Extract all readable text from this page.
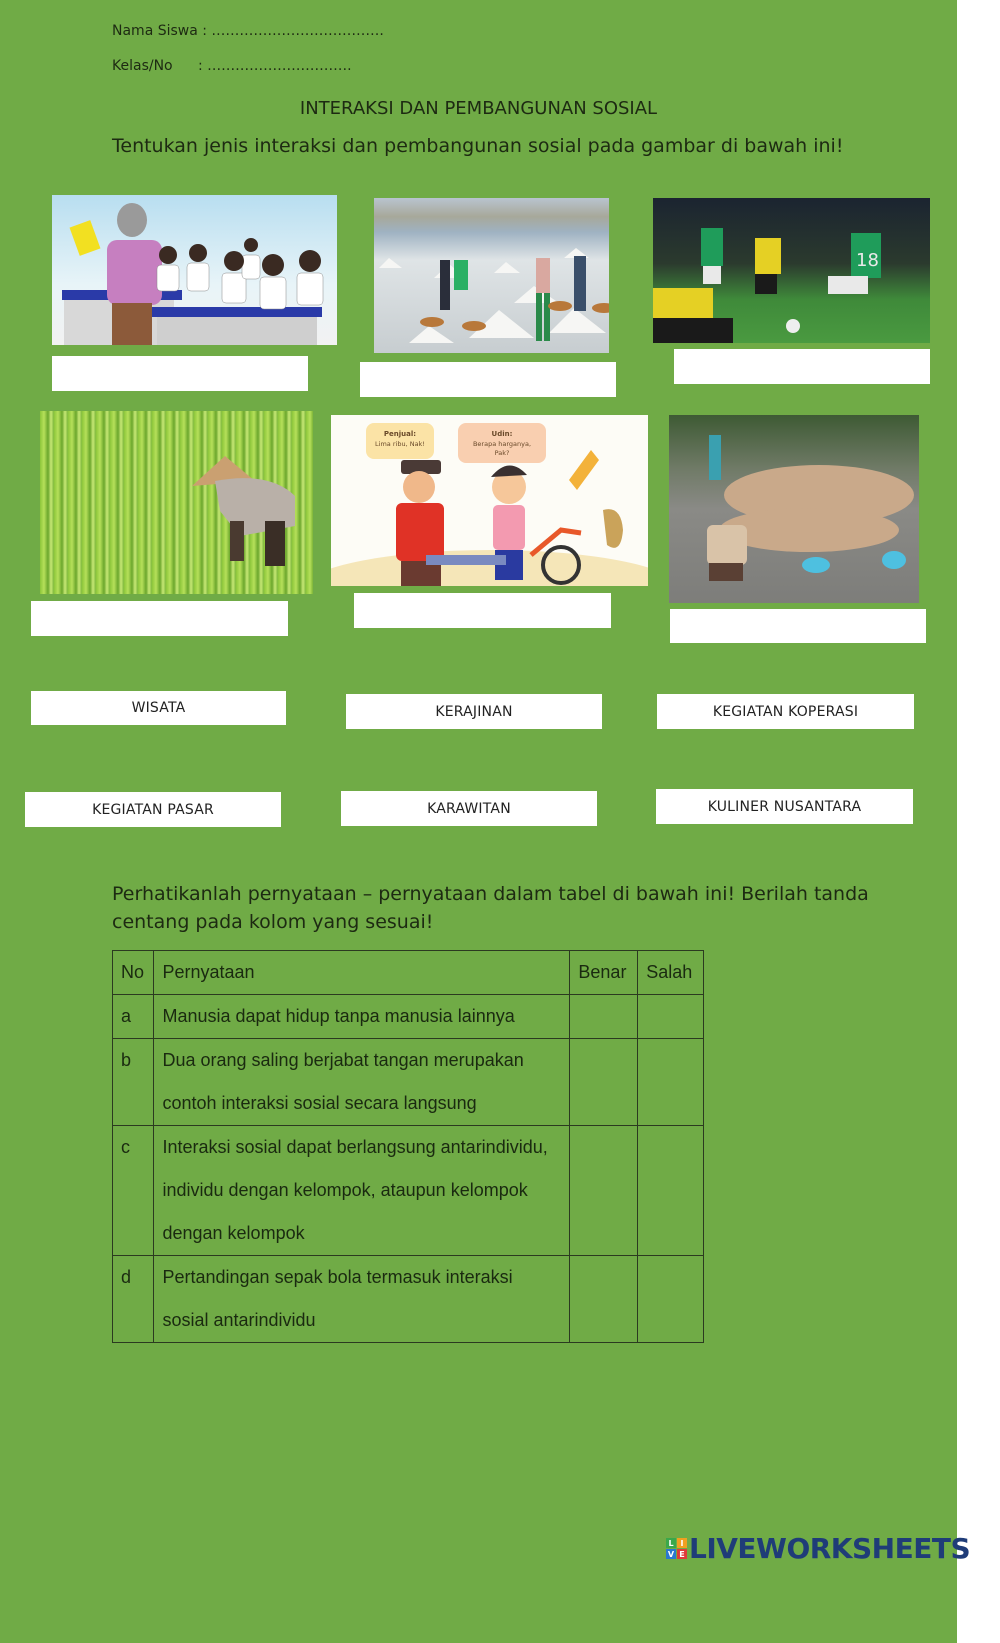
Nama Siswa : ……………………………….
Kelas/No : ………………………….
INTERAKSI DAN PEMBANGUNAN SOSIAL
Tentukan jenis interaksi dan pembangunan sosial pada gambar di bawah ini!
18
Penjual:
Lima ribu, Nak!
Udin:
Berapa harganya,
Pak?
WISATA	KERAJINAN	KEGIATAN KOPERASI
KEGIATAN PASAR	KARAWITAN	KULINER NUSANTARA
Perhatikanlah pernyataan – pernyataan dalam tabel di bawah ini! Berilah tanda
centang pada kolom yang sesuai!
No	Pernyataan	Benar	Salah

a	Manusia dapat hidup tanpa manusia lainnya		

b	Dua orang saling berjabat tangan merupakan
contoh interaksi sosial secara langsung		

c	Interaksi sosial dapat berlangsung antarindividu,
individu dengan kelompok, ataupun kelompok
dengan kelompok		

d	Pertandingan sepak bola termasuk interaksi
sosial antarindividu		

L I
V E LIVEWORKSHEETS
